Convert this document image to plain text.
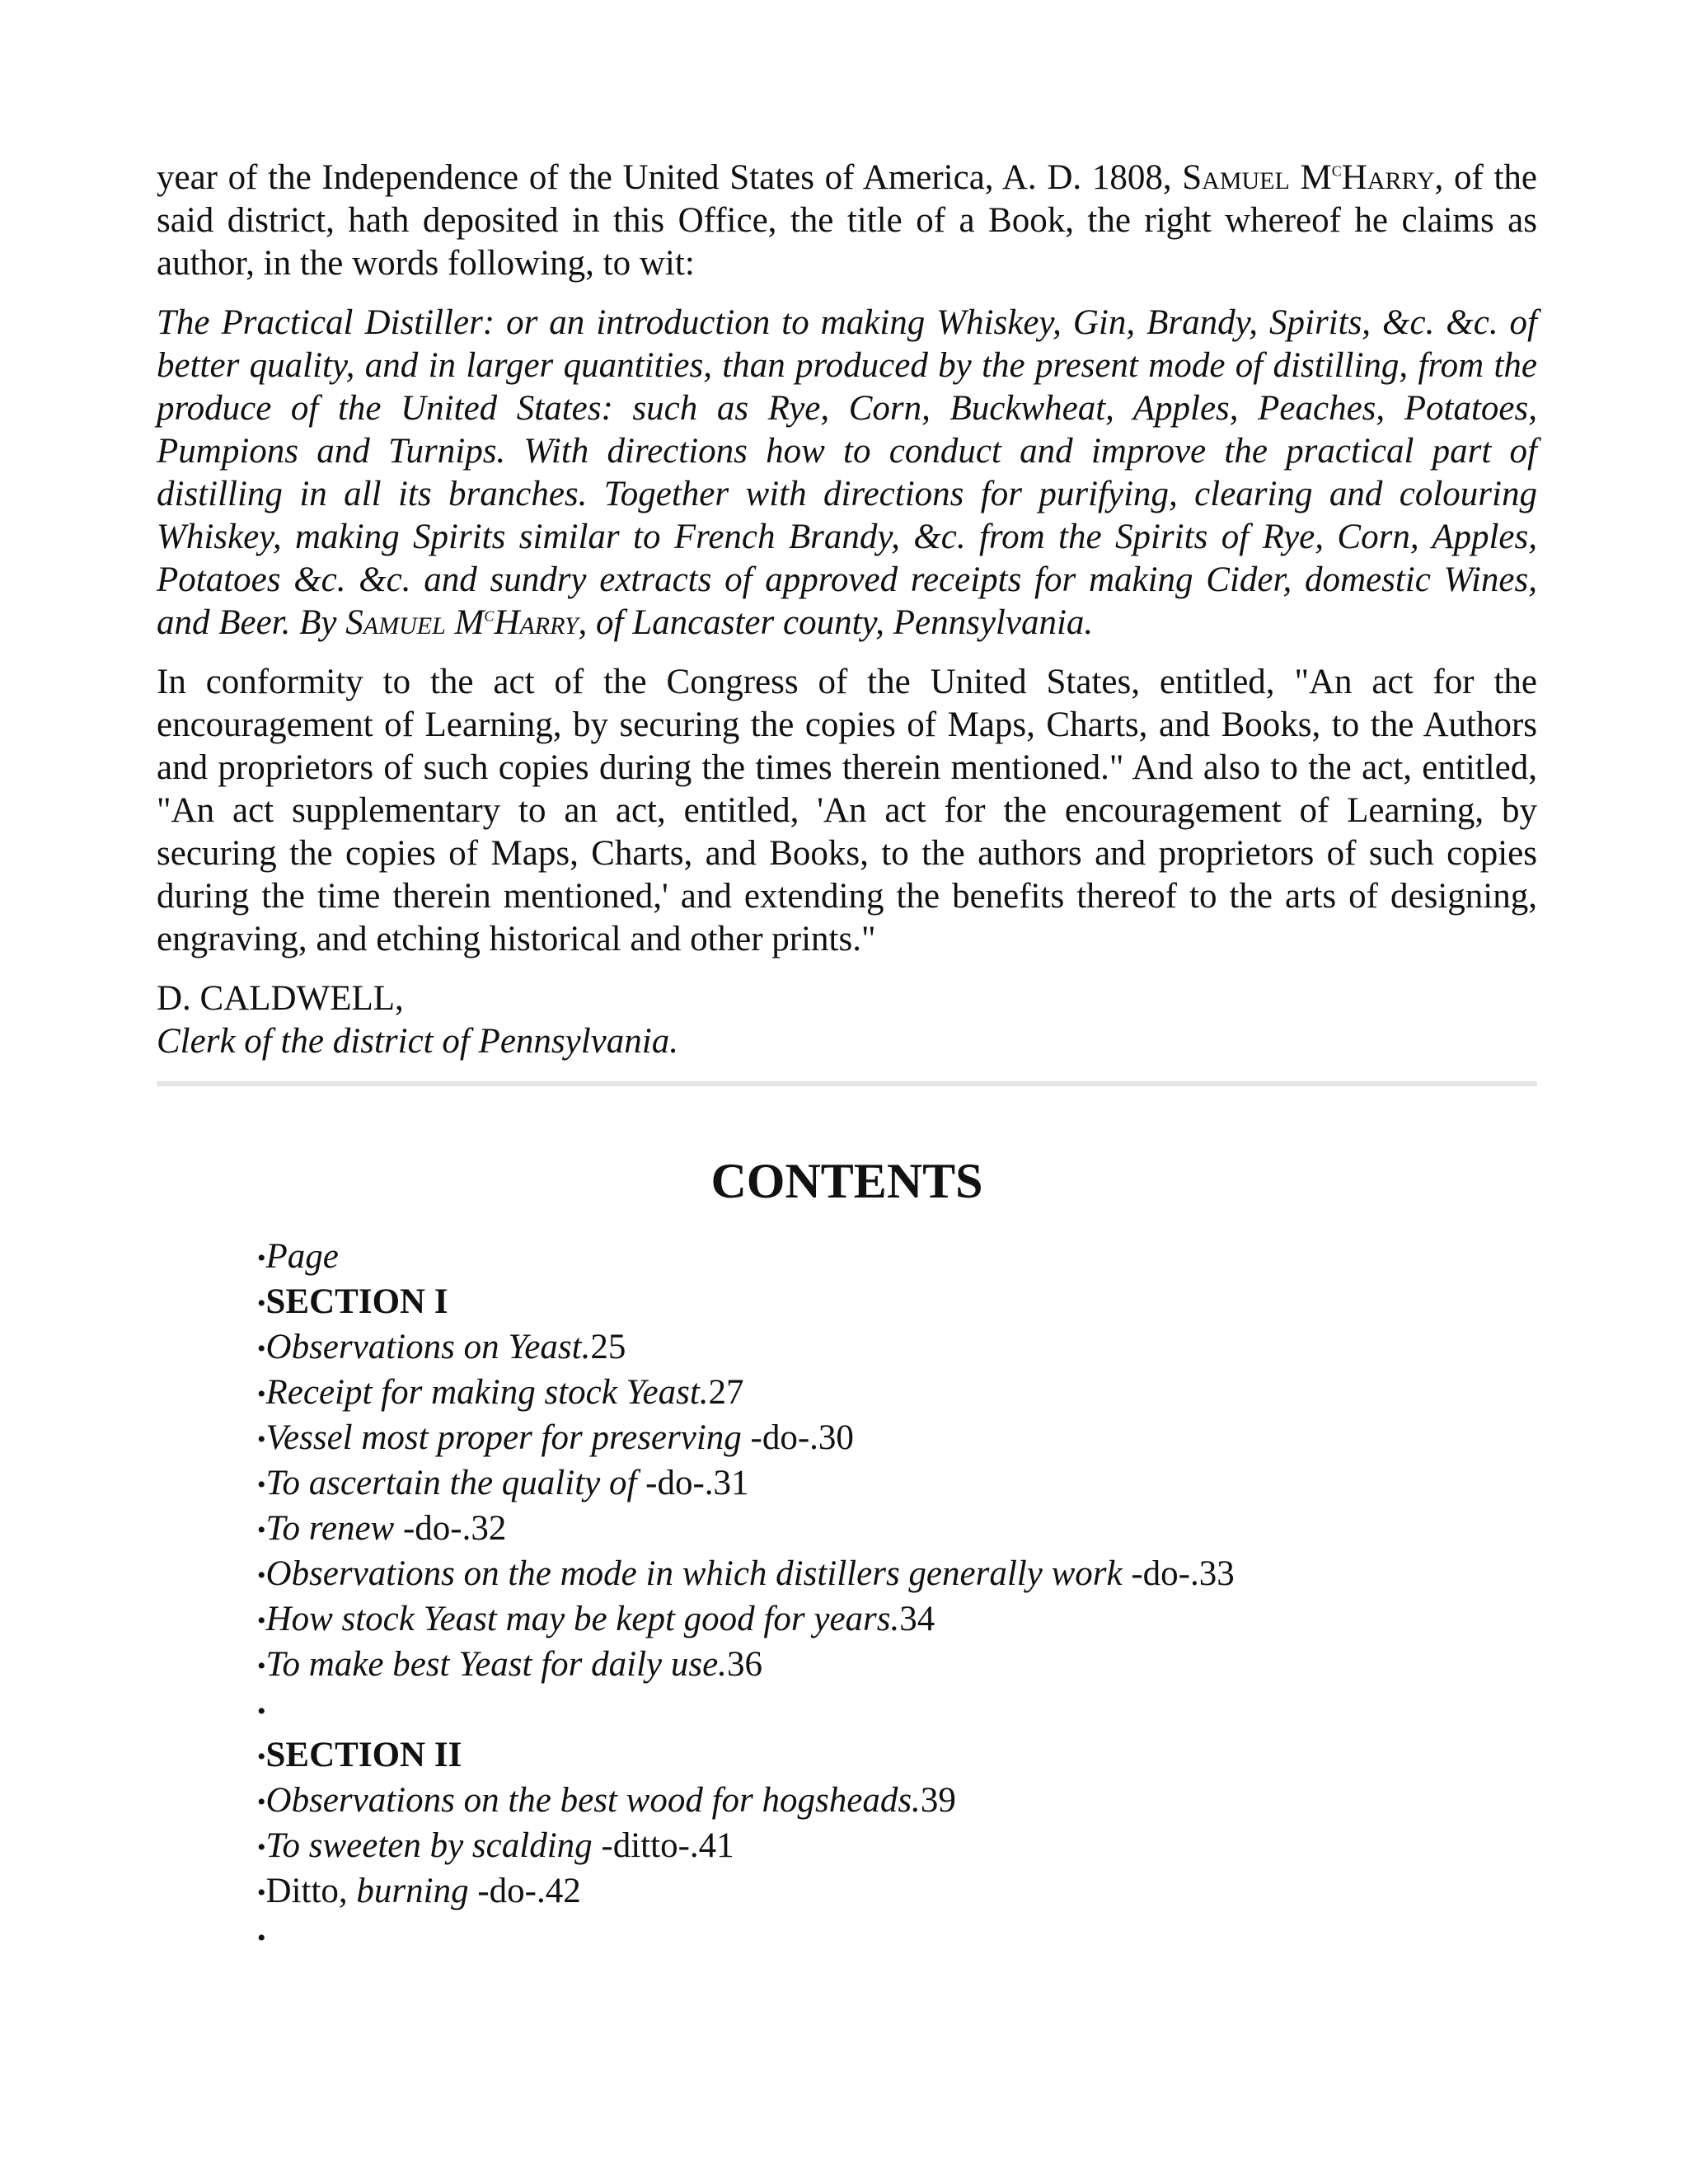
year of the Independence of the United States of America, A. D. 1808, Samuel $M^cHarry$, of the said district, hath deposited in this Office, the title of a Book, the right whereof he claims as author, in the words following, to wit:

The Practical Distiller: or an introduction to making Whiskey, Gin, Brandy, Spirits, &c. &c. of better quality, and in larger quantities, than produced by the present mode of distilling, from the produce of the United States: such as Rye, Corn, Buckwheat, Apples, Peaches, Potatoes, Pumpions and Turnips. With directions how to conduct and improve the practical part of distilling in all its branches. Together with directions for purifying, clearing and colouring Whiskey, making Spirits similar to French Brandy, &c. from the Spirits of Rye, Corn, Apples, Potatoes &c. &c. and sundry extracts of approved receipts for making Cider, domestic Wines, and Beer. By Samuel $M^cHarry$, of Lancaster county, Pennsylvania.

In conformity to the act of the Congress of the United States, entitled, "An act for the encouragement of Learning, by securing the copies of Maps, Charts, and Books, to the Authors and proprietors of such copies during the times therein mentioned." And also to the act, entitled, "An act supplementary to an act, entitled, 'An act for the encouragement of Learning, by securing the copies of Maps, Charts, and Books, to the authors and proprietors of such copies during the time therein mentioned,' and extending the benefits thereof to the arts of designing, engraving, and etching historical and other prints."

D. CALDWELL,

Clerk of the district of Pennsylvania.

CONTENTS
•Page
•SECTION I
•Observations on Yeast.25
•Receipt for making stock Yeast.27
•Vessel most proper for preserving -do-.30
•To ascertain the quality of -do-.31
•To renew -do-.32
•Observations on the mode in which distillers generally work -do-.33
•How stock Yeast may be kept good for years.34
•To make best Yeast for daily use.36
•
•SECTION II
•Observations on the best wood for hogsheads.39
•To sweeten by scalding -ditto-.41
•Ditto, burning -do-.42
•
